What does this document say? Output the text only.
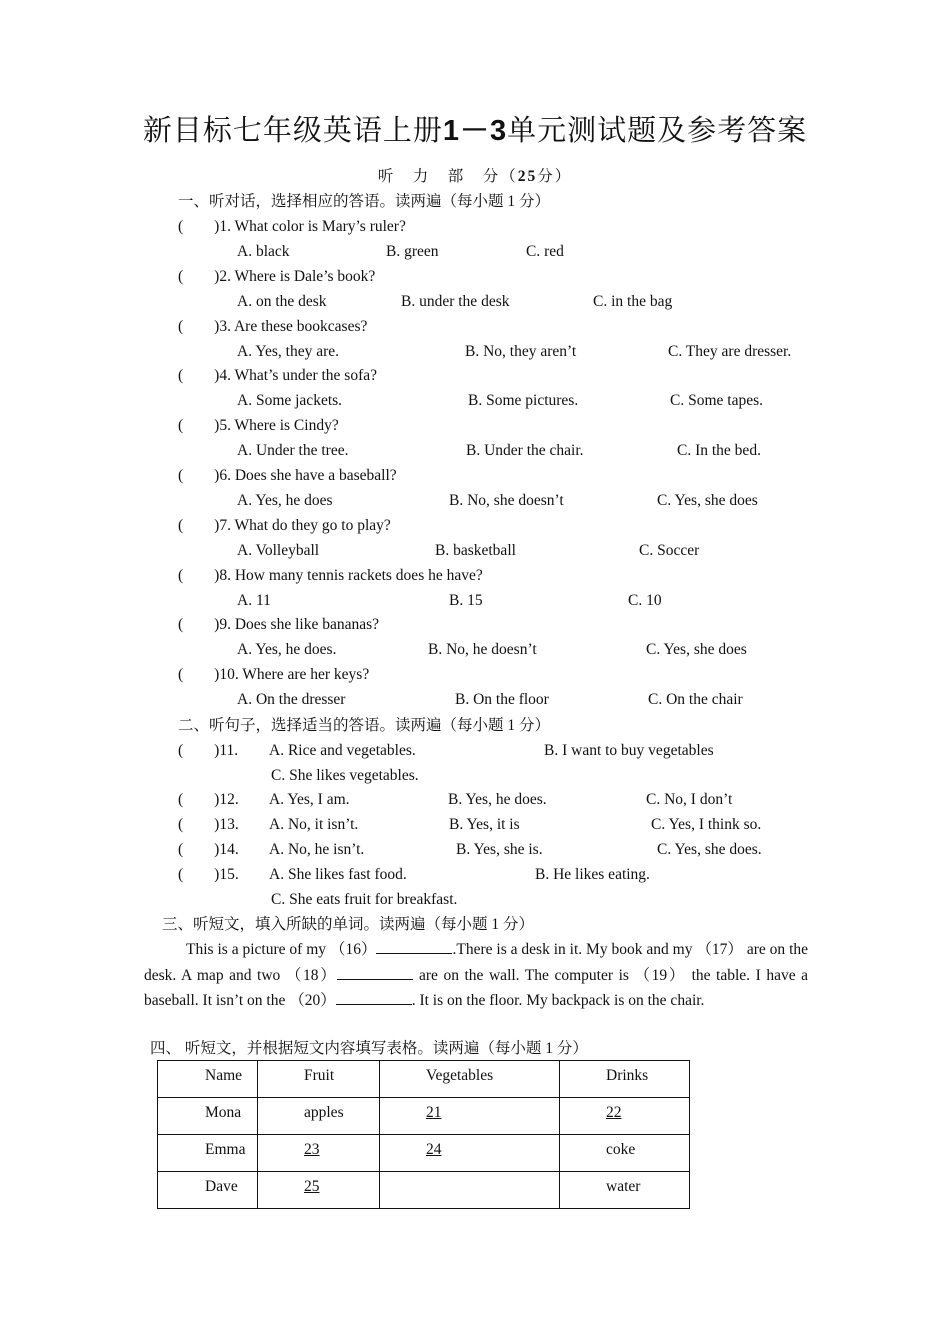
新目标七年级英语上册1－3单元测试题及参考答案
听　力　部　分（25分）
一、听对话，选择相应的答语。读两遍（每小题 1 分）
(　　)1. What color is Mary’s ruler?
A. black	B. green	C. red
(　　)2. Where is Dale’s book?
A. on the desk	B. under the desk	C. in the bag
(　　)3. Are these bookcases?
A. Yes, they are.	B. No, they aren’t	C. They are dresser.
(　　)4. What’s under the sofa?
A. Some jackets.	B. Some pictures.	C. Some tapes.
(　　)5. Where is Cindy?
A. Under the tree.	B. Under the chair.	C. In the bed.
(　　)6. Does she have a baseball?
A. Yes, he does	B. No, she doesn’t	C. Yes, she does
(　　)7. What do they go to play?
A. Volleyball	B. basketball	C. Soccer
(　　)8. How many tennis rackets does he have?
A. 11	B. 15	C. 10
(　　)9. Does she like bananas?
A. Yes, he does.	B. No, he doesn’t	C. Yes, she does
(　　)10. Where are her keys?
A. On the dresser	B. On the floor	C. On the chair
二、听句子，选择适当的答语。读两遍（每小题 1 分）
(　　)11. A. Rice and vegetables.	B. I want to buy vegetables
C. She likes vegetables.
(　　)12. A. Yes, I am.	B. Yes, he does.	C. No, I don’t
(　　)13. A. No, it isn’t.	B. Yes, it is	C. Yes, I think so.
(　　)14. A. No, he isn’t.	B. Yes, she is.	C. Yes, she does.
(　　)15. A. She likes fast food.	B. He likes eating.
C. She eats fruit for breakfast.
三、听短文，填入所缺的单词。读两遍（每小题 1 分）
This is a picture of my （16）	.There is a desk in it. My book and my （17） are on the desk. A map and two （18）	are on the wall. The computer is （19） the table. I have a baseball. It isn’t on the （20）	. It is on the floor. My backpack is on the chair.
四、 听短文，并根据短文内容填写表格。读两遍（每小题 1 分）
Name	Fruit	Vegetables	Drinks

Mona	apples	21	22

Emma	23	24	coke

Dave	25		water
